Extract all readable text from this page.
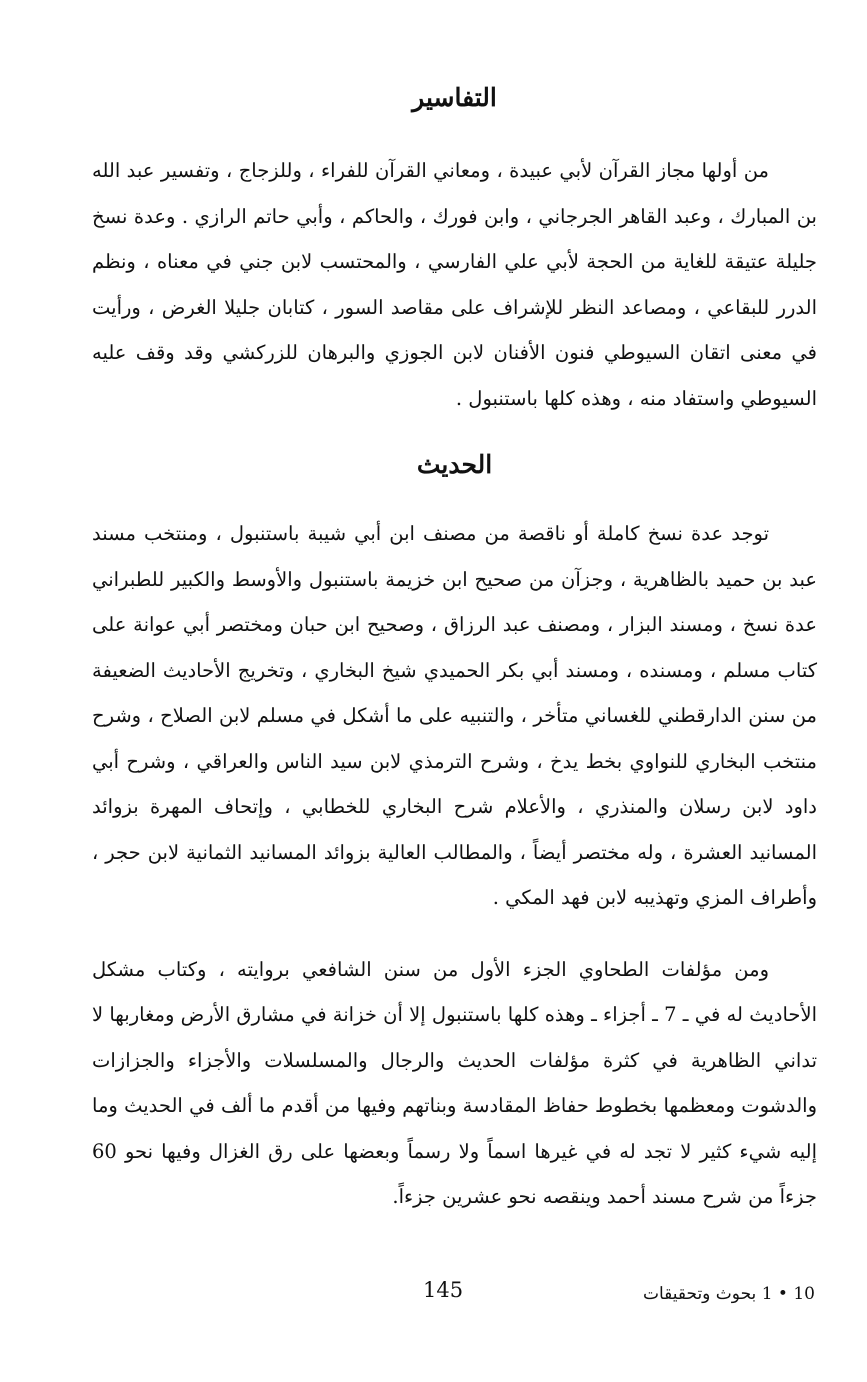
التفاسير

من أولها مجاز القرآن لأبي عبيدة ، ومعاني القرآن للفراء ، وللزجاج ، وتفسير عبد الله بن المبارك ، وعبد القاهر الجرجاني ، وابن فورك ، والحاكم ، وأبي حاتم الرازي . وعدة نسخ جليلة عتيقة للغاية من الحجة لأبي علي الفارسي ، والمحتسب لابن جني في معناه ، ونظم الدرر للبقاعي ، ومصاعد النظر للإشراف على مقاصد السور ، كتابان جليلا الغرض ، ورأيت في معنى اتقان السيوطي فنون الأفنان لابن الجوزي والبرهان للزركشي وقد وقف عليه السيوطي واستفاد منه ، وهذه كلها باستنبول .

الحديث

توجد عدة نسخ كاملة أو ناقصة من مصنف ابن أبي شيبة باستنبول ، ومنتخب مسند عبد بن حميد بالظاهرية ، وجزآن من صحيح ابن خزيمة باستنبول والأوسط والكبير للطبراني عدة نسخ ، ومسند البزار ، ومصنف عبد الرزاق ، وصحيح ابن حبان ومختصر أبي عوانة على كتاب مسلم ، ومسنده ، ومسند أبي بكر الحميدي شيخ البخاري ، وتخريج الأحاديث الضعيفة من سنن الدارقطني للغساني متأخر ، والتنبيه على ما أشكل في مسلم لابن الصلاح ، وشرح منتخب البخاري للنواوي بخط يدخ ، وشرح الترمذي لابن سيد الناس والعراقي ، وشرح أبي داود لابن رسلان والمنذري ، والأعلام شرح البخاري للخطابي ، وإتحاف المهرة بزوائد المسانيد العشرة ، وله مختصر أيضاً ، والمطالب العالية بزوائد المسانيد الثمانية لابن حجر ، وأطراف المزي وتهذيبه لابن فهد المكي .

ومن مؤلفات الطحاوي الجزء الأول من سنن الشافعي بروايته ، وكتاب مشكل الأحاديث له في ـ 7 ـ أجزاء ـ وهذه كلها باستنبول إلا أن خزانة في مشارق الأرض ومغاربها لا تداني الظاهرية في كثرة مؤلفات الحديث والرجال والمسلسلات والأجزاء والجزازات والدشوت ومعظمها بخطوط حفاظ المقادسة وبناتهم وفيها من أقدم ما ألف في الحديث وما إليه شيء كثير لا تجد له في غيرها اسماً ولا رسماً وبعضها على رق الغزال وفيها نحو 60 جزءاً من شرح مسند أحمد وينقصه نحو عشرين جزءاً.

145	10 • 1 بحوث وتحقيقات
